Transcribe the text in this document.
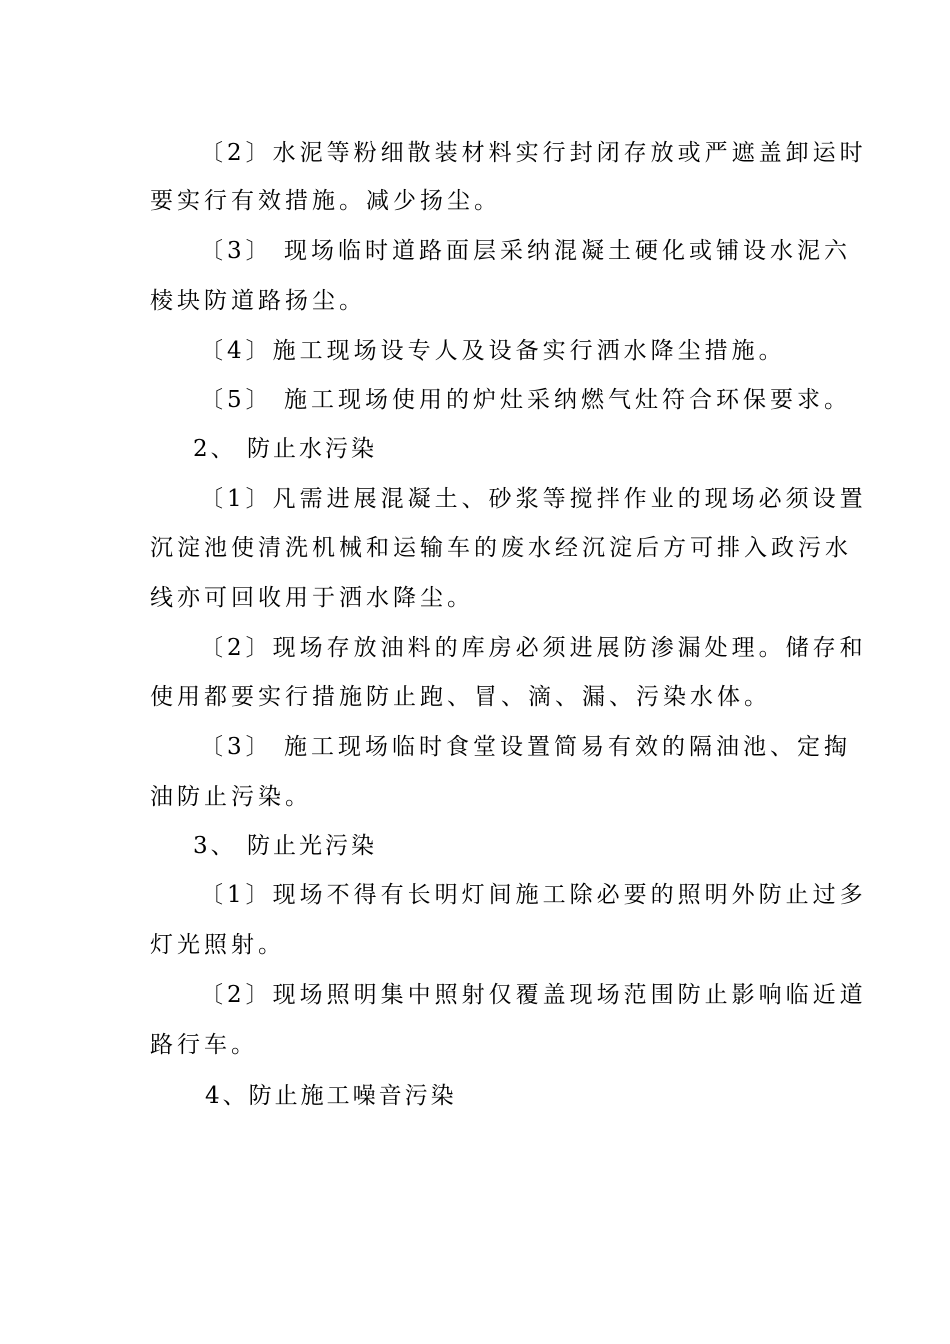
〔2〕水泥等粉细散装材料实行封闭存放或严遮盖卸运时
要实行有效措施。减少扬尘。
〔3〕 现场临时道路面层采纳混凝土硬化或铺设水泥六
棱块防道路扬尘。
〔4〕施工现场设专人及设备实行洒水降尘措施。
〔5〕 施工现场使用的炉灶采纳燃气灶符合环保要求。
2、 防止水污染
〔1〕凡需进展混凝土、砂浆等搅拌作业的现场必须设置
沉淀池使清洗机械和运输车的废水经沉淀后方可排入政污水
线亦可回收用于洒水降尘。
〔2〕现场存放油料的库房必须进展防渗漏处理。储存和
使用都要实行措施防止跑、冒、滴、漏、污染水体。
〔3〕 施工现场临时食堂设置简易有效的隔油池、定掏
油防止污染。
3、 防止光污染
〔1〕现场不得有长明灯间施工除必要的照明外防止过多
灯光照射。
〔2〕现场照明集中照射仅覆盖现场范围防止影响临近道
路行车。
4、防止施工噪音污染
